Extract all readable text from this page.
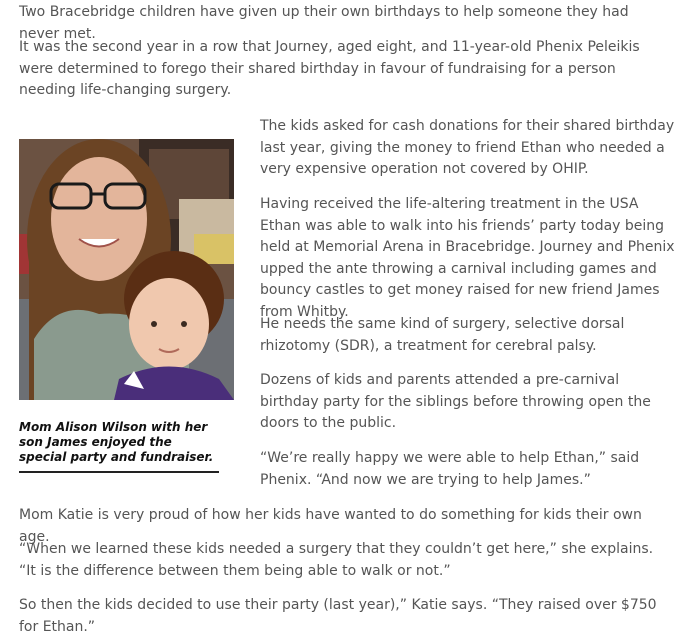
Two Bracebridge children have given up their own birthdays to help someone they had never met.

It was the second year in a row that Journey, aged eight, and 11-year-old Phenix Peleikis were determined to forego their shared birthday in favour of fundraising for a person needing life-changing surgery.

Mom Alison Wilson with her son James enjoyed the special party and fundraiser.

The kids asked for cash donations for their shared birthday last year, giving the money to friend Ethan who needed a very expensive operation not covered by OHIP.

Having received the life-altering treatment in the USA Ethan was able to walk into his friends’ party today being held at Memorial Arena in Bracebridge. Journey and Phenix upped the ante throwing a carnival including games and bouncy castles to get money raised for new friend James from Whitby.

He needs the same kind of surgery, selective dorsal rhizotomy (SDR), a treatment for cerebral palsy.

Dozens of kids and parents attended a pre-carnival birthday party for the siblings before throwing open the doors to the public.

“We’re really happy we were able to help Ethan,” said Phenix. “And now we are trying to help James.”

Mom Katie is very proud of how her kids have wanted to do something for kids their own age.

“When we learned these kids needed a surgery that they couldn’t get here,” she explains. “It is the difference between them being able to walk or not.”

So then the kids decided to use their party (last year),” Katie says. “They raised over $750 for Ethan.”
